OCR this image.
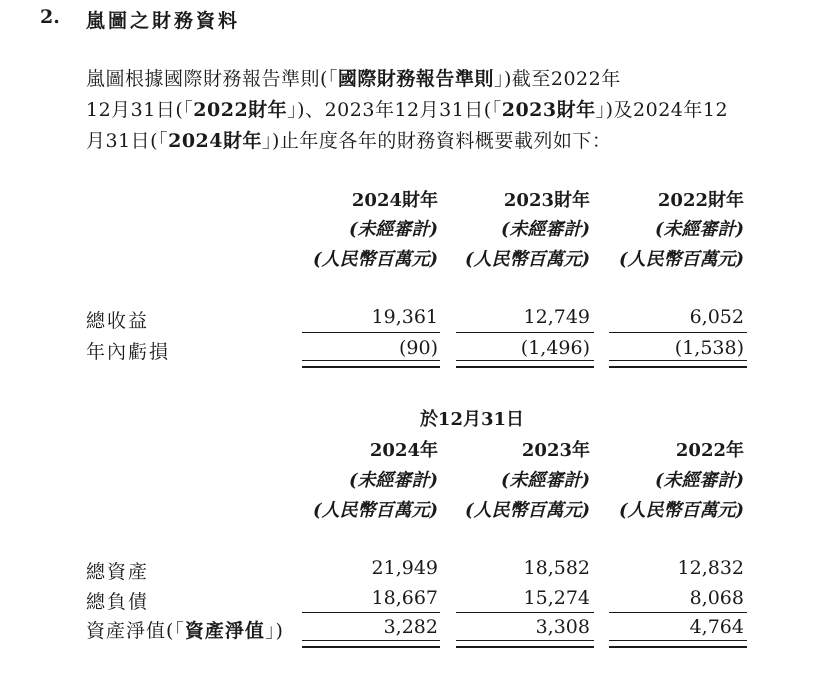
2. 嵐圖之財務資料
嵐圖根據國際財務報告準則(「國際財務報告準則」)截至2022年
12月31日(「2022財年」)、2023年12月31日(「2023財年」)及2024年12
月31日(「2024財年」)止年度各年的財務資料概要載列如下：
2024財年	2023財年	2022財年
(未經審計)	(未經審計)	(未經審計)
(人民幣百萬元)	(人民幣百萬元)	(人民幣百萬元)
總收益	19,361	12,749	6,052
年內虧損	(90)	(1,496)	(1,538)
於12月31日
2024年	2023年	2022年
(未經審計)	(未經審計)	(未經審計)
(人民幣百萬元)	(人民幣百萬元)	(人民幣百萬元)
總資產	21,949	18,582	12,832
總負債	18,667	15,274	8,068
資產淨值(「資產淨值」)	3,282	3,308	4,764
